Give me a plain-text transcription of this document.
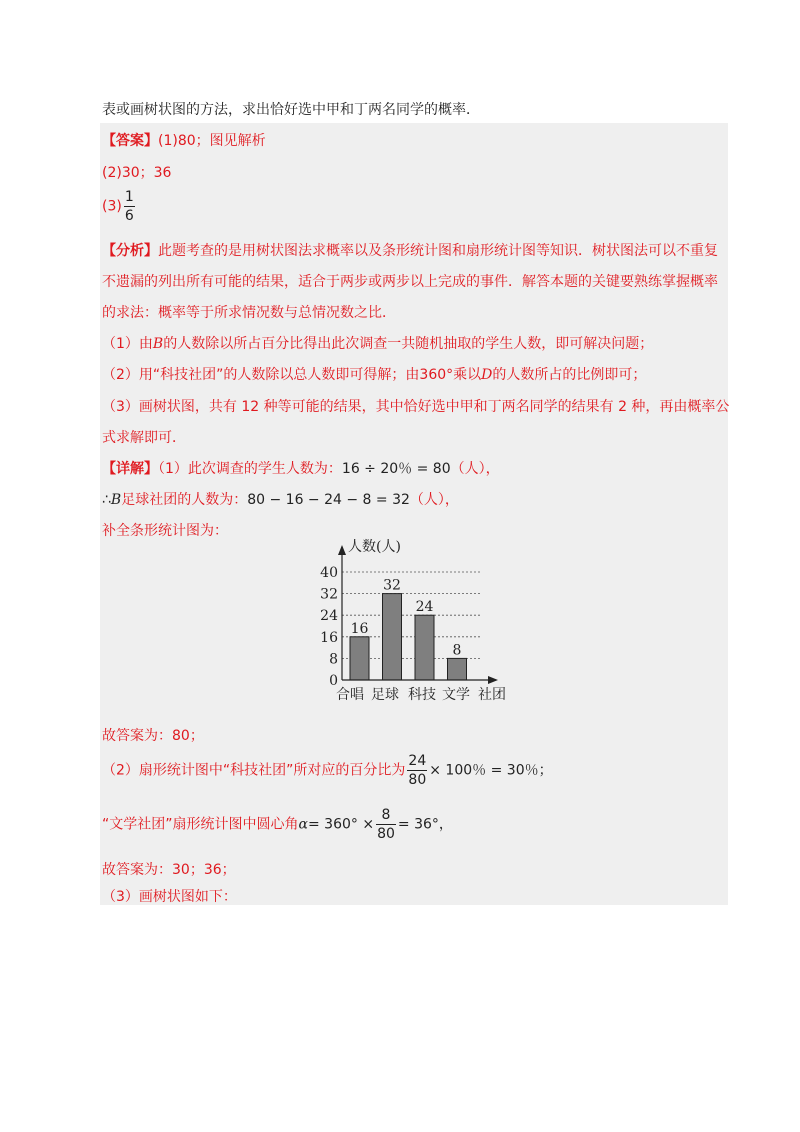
表或画树状图的方法，求出恰好选中甲和丁两名同学的概率．
【答案】(1)80；图见解析
(2)30；36
$(3) \frac{1}{6}$
【分析】此题考查的是用树状图法求概率以及条形统计图和扇形统计图等知识．树状图法可以不重复
不遗漏的列出所有可能的结果，适合于两步或两步以上完成的事件．解答本题的关键要熟练掌握概率
的求法：概率等于所求情况数与总情况数之比．
（1）由B的人数除以所占百分比得出此次调查一共随机抽取的学生人数，即可解决问题；
（2）用“科技社团”的人数除以总人数即可得解；由360°乘以D的人数所占的比例即可；
（3）画树状图，共有 12 种等可能的结果，其中恰好选中甲和丁两名同学的结果有 2 种，再由概率公
式求解即可．
【详解】（1）此次调查的学生人数为：16 ÷ 20％ = 80（人），
∴B足球社团的人数为：80 − 16 − 24 − 8 = 32（人），
补全条形统计图为：
0
8
16
24
32
40
16
32
24
8
人数(人)
合唱 足球 科技 文学 社团
故答案为：80；
（2）扇形统计图中“科技社团”所对应的百分比为 $\frac{24}{80} \times 100$％ = 30％；
“文学社团”扇形统计图中圆心角$\alpha= 360^\circ \times \frac{8}{80} = 36^\circ$，
故答案为：30；36；
（3）画树状图如下：
